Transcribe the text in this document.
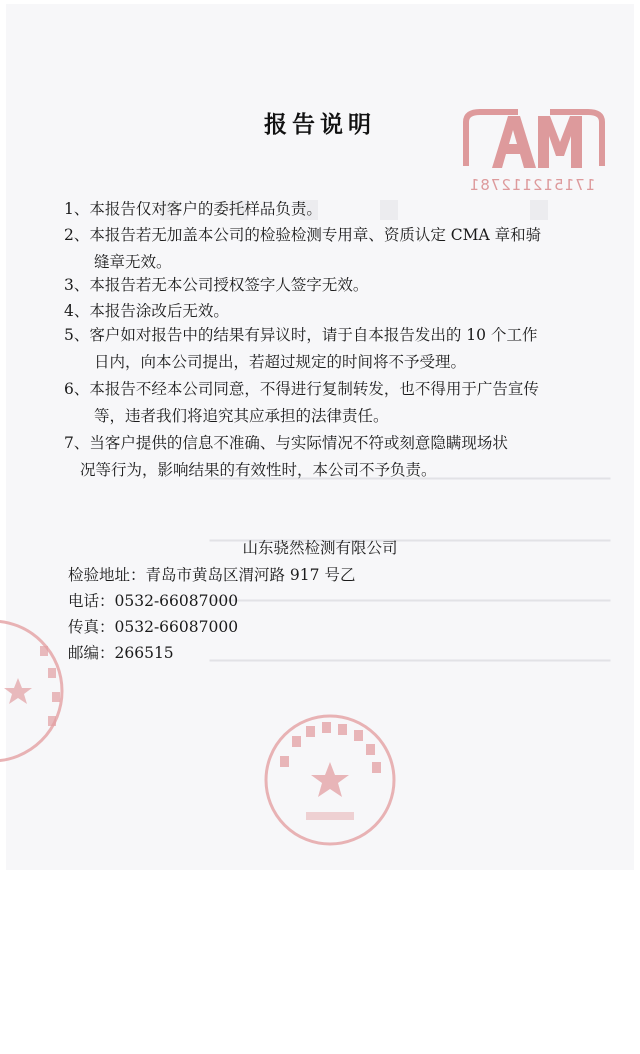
171512112781
报告说明
1、本报告仅对客户的委托样品负责。
2、本报告若无加盖本公司的检验检测专用章、资质认定 CMA 章和骑
缝章无效。
3、本报告若无本公司授权签字人签字无效。
4、本报告涂改后无效。
5、客户如对报告中的结果有异议时，请于自本报告发出的 10 个工作
日内，向本公司提出，若超过规定的时间将不予受理。
6、本报告不经本公司同意，不得进行复制转发，也不得用于广告宣传
等，违者我们将追究其应承担的法律责任。
7、当客户提供的信息不准确、与实际情况不符或刻意隐瞒现场状
况等行为，影响结果的有效性时，本公司不予负责。
山东骁然检测有限公司
检验地址：青岛市黄岛区渭河路 917 号乙
电话：0532-66087000
传真：0532-66087000
邮编：266515
